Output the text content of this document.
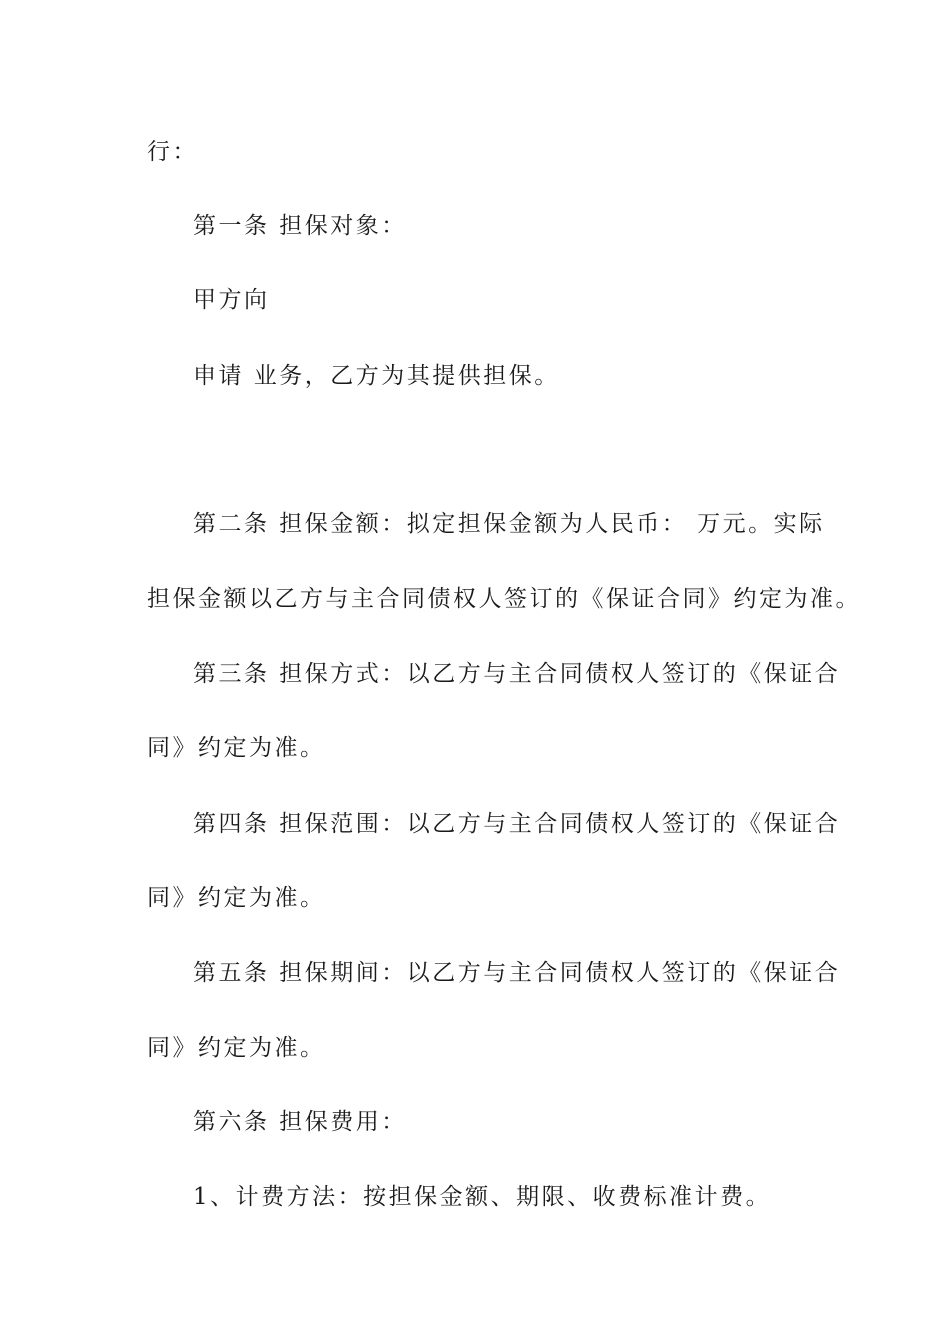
行：
第一条 担保对象：
甲方向
申请 业务，乙方为其提供担保。
第二条 担保金额：拟定担保金额为人民币： 万元。实际
担保金额以乙方与主合同债权人签订的《保证合同》约定为准。
第三条 担保方式：以乙方与主合同债权人签订的《保证合
同》约定为准。
第四条 担保范围：以乙方与主合同债权人签订的《保证合
同》约定为准。
第五条 担保期间：以乙方与主合同债权人签订的《保证合
同》约定为准。
第六条 担保费用：
1、计费方法：按担保金额、期限、收费标准计费。
